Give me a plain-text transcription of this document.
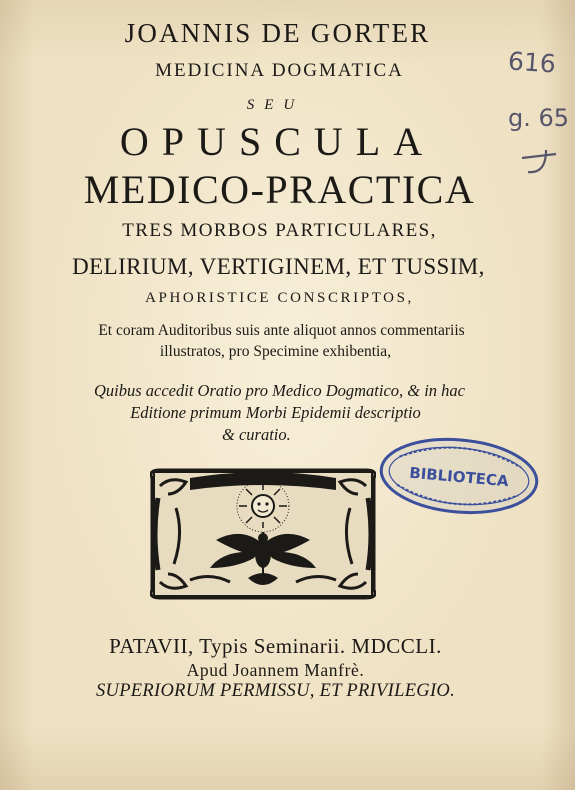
JOANNIS DE GORTER
MEDICINA DOGMATICA
SEU
OPUSCULA
MEDICO-PRACTICA
TRES MORBOS PARTICULARES,
DELIRIUM, VERTIGINEM, ET TUSSIM,
APHORISTICE CONSCRIPTOS,
Et coram Auditoribus suis ante aliquot annos commentariis
illustratos, pro Specimine exhibentia,
Quibus accedit Oratio pro Medico Dogmatico, & in hac
Editione primum Morbi Epidemii descriptio
& curatio.
BIBLIOTECA
616
g. 65
PATAVII, Typis Seminarii. MDCCLI.
Apud Joannem Manfrè.
SUPERIORUM PERMISSU, ET PRIVILEGIO.
